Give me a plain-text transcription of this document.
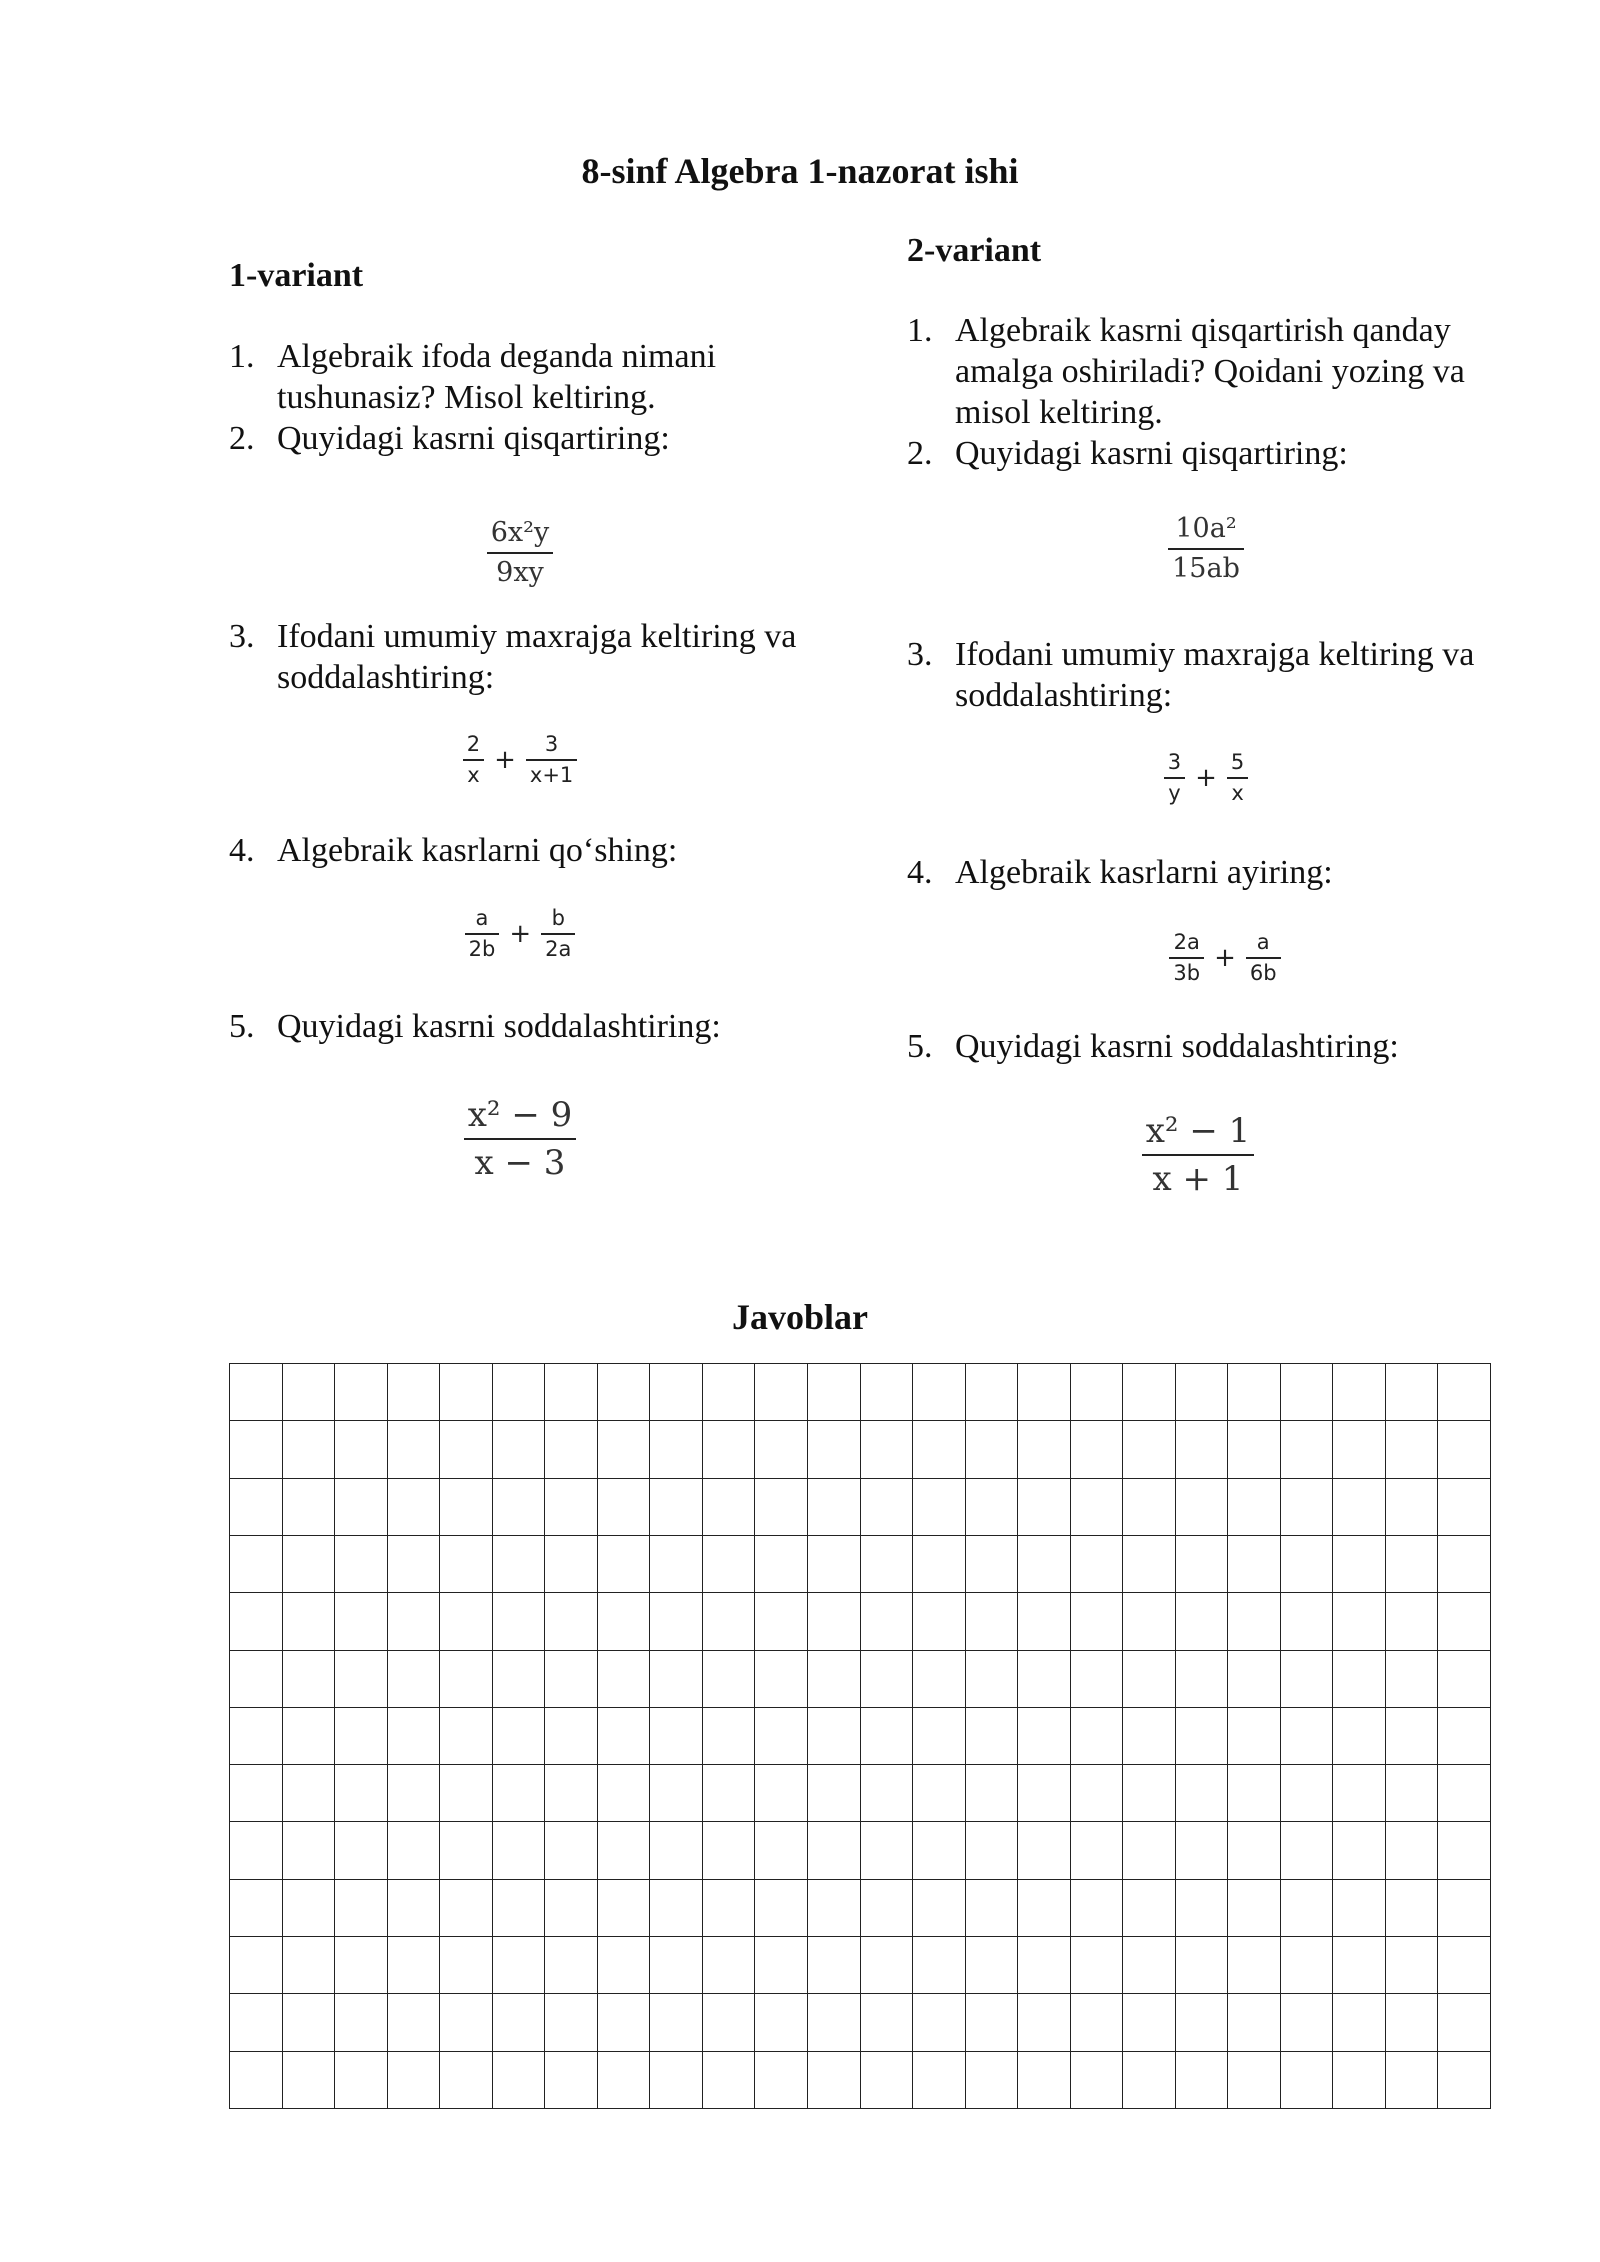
8-sinf Algebra 1-nazorat ishi
1-variant
1. Algebraik ifoda deganda nimani tushunasiz? Misol keltiring.
2. Quyidagi kasrni qisqartiring:
$\frac{\text{6x²y}}{9xy}$
3. Ifodani umumiy maxrajga keltiring va soddalashtiring:
$\frac{2}{x} + \frac{3}{x+1}$
4. Algebraik kasrlarni qo‘shing:
$\frac{a}{2b} + \frac{b}{2a}$
5. Quyidagi kasrni soddalashtiring:
$\frac{\text{x² − 9}}{x - 3}$
2-variant
1. Algebraik kasrni qisqartirish qanday amalga oshiriladi? Qoidani yozing va misol keltiring.
2. Quyidagi kasrni qisqartiring:
$\frac{\text{10a²}}{15ab}$
3. Ifodani umumiy maxrajga keltiring va soddalashtiring:
$\frac{3}{y} + \frac{5}{x}$
4. Algebraik kasrlarni ayiring:
$\frac{2a}{3b} + \frac{a}{6b}$
5. Quyidagi kasrni soddalashtiring:
$\frac{\text{x² − 1}}{x + 1}$
Javoblar
